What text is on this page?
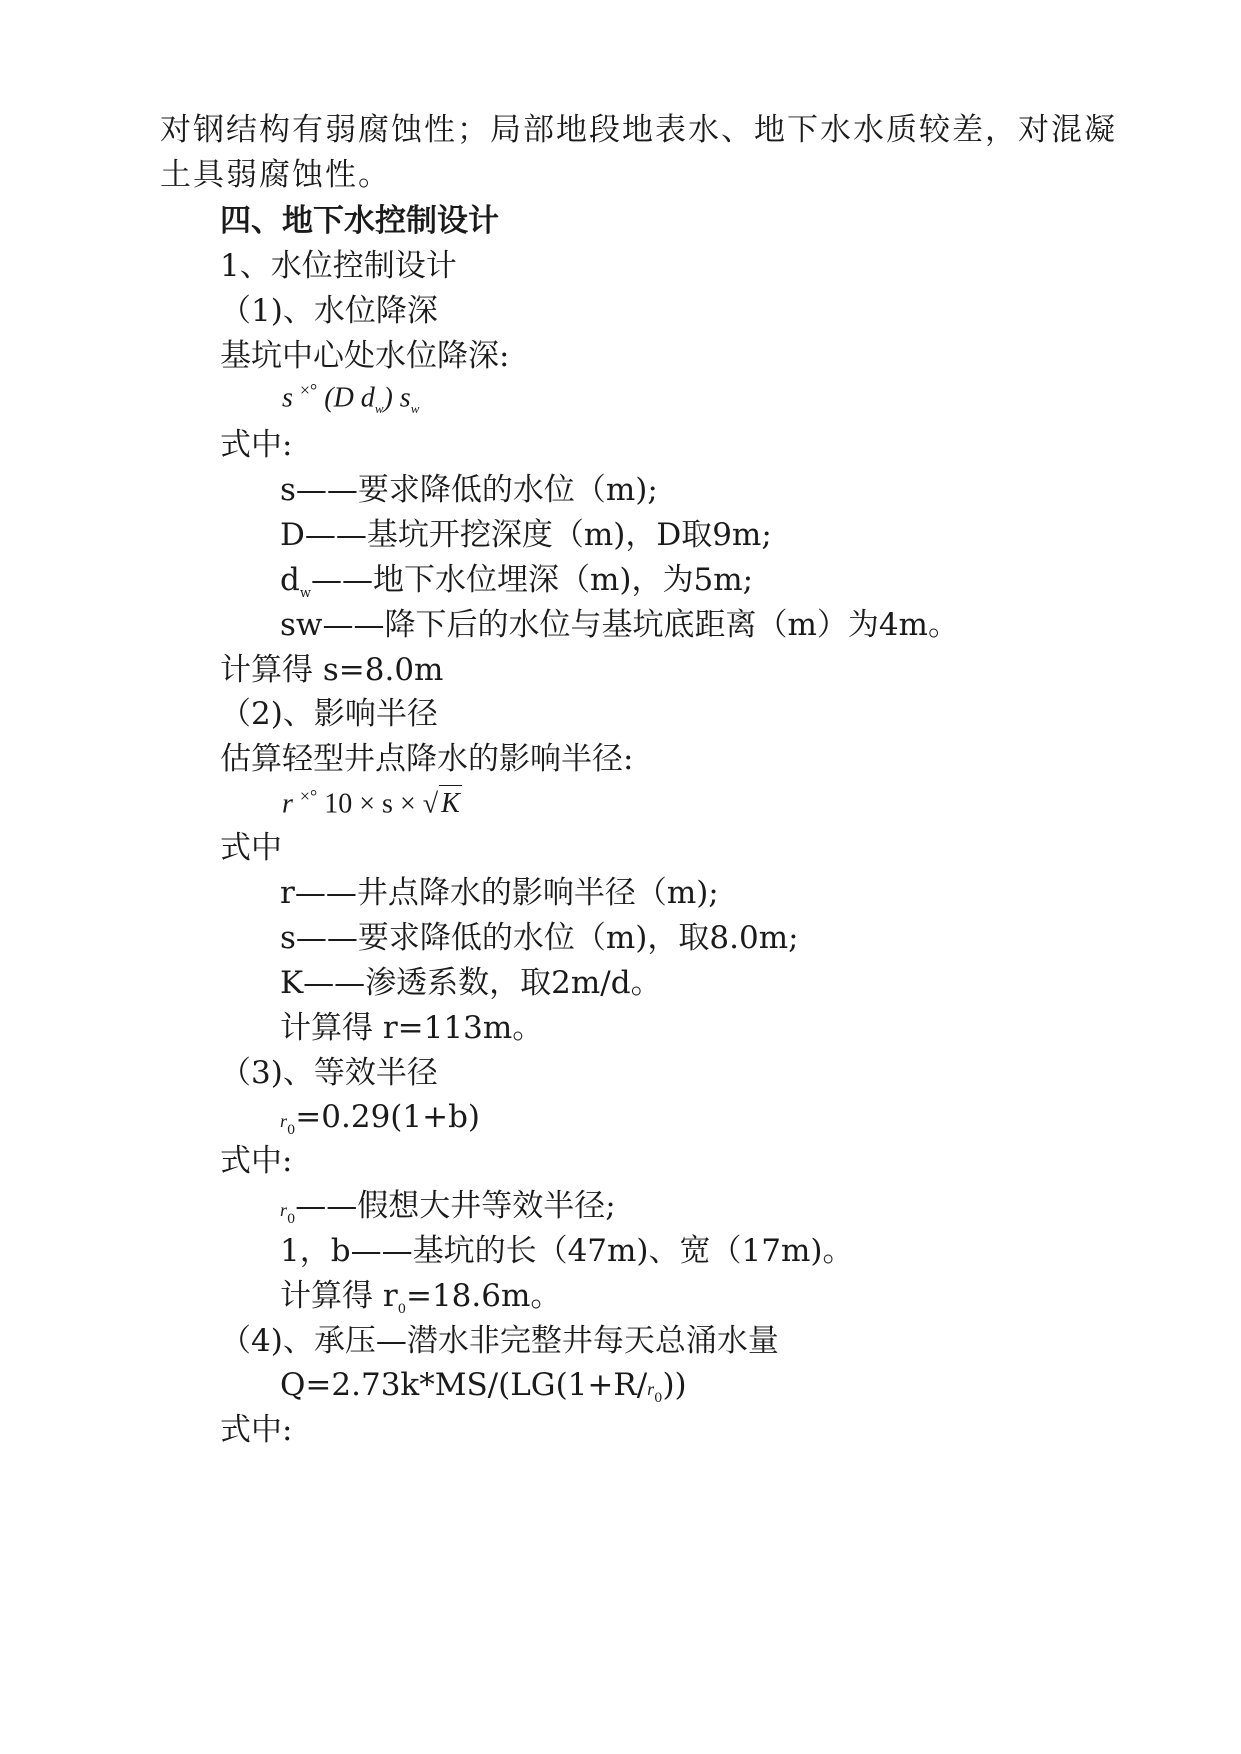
对钢结构有弱腐蚀性；局部地段地表水、地下水水质较差，对混凝
土具弱腐蚀性。
四、地下水控制设计
1、水位控制设计
（1)、水位降深
基坑中心处水位降深:
s ×° (D $d_w$) $s_w$
式中:
s——要求降低的水位（m);
D——基坑开挖深度（m)，D取9m;
$d_w——$地下水位埋深（m)，为5m;
sw——降下后的水位与基坑底距离（m）为4m。
计算得 s=8.0m
（2)、影响半径
估算轻型井点降水的影响半径:
r ×° 10 × s × √ K
式中
r——井点降水的影响半径（m);
s——要求降低的水位（m)，取8.0m;
K——渗透系数，取2m/d。
计算得 r=113m。
（3)、等效半径
$r_0=0.29(1+b)$
式中:
$r_0——$假想大井等效半径;
1，b——基坑的长（47m)、宽（17m)。
计算得 $r_0=18.6m$。
（4)、承压—潜水非完整井每天总涌水量
$Q=2.73k*MS/(LG(1+R/r_0))$
式中:
